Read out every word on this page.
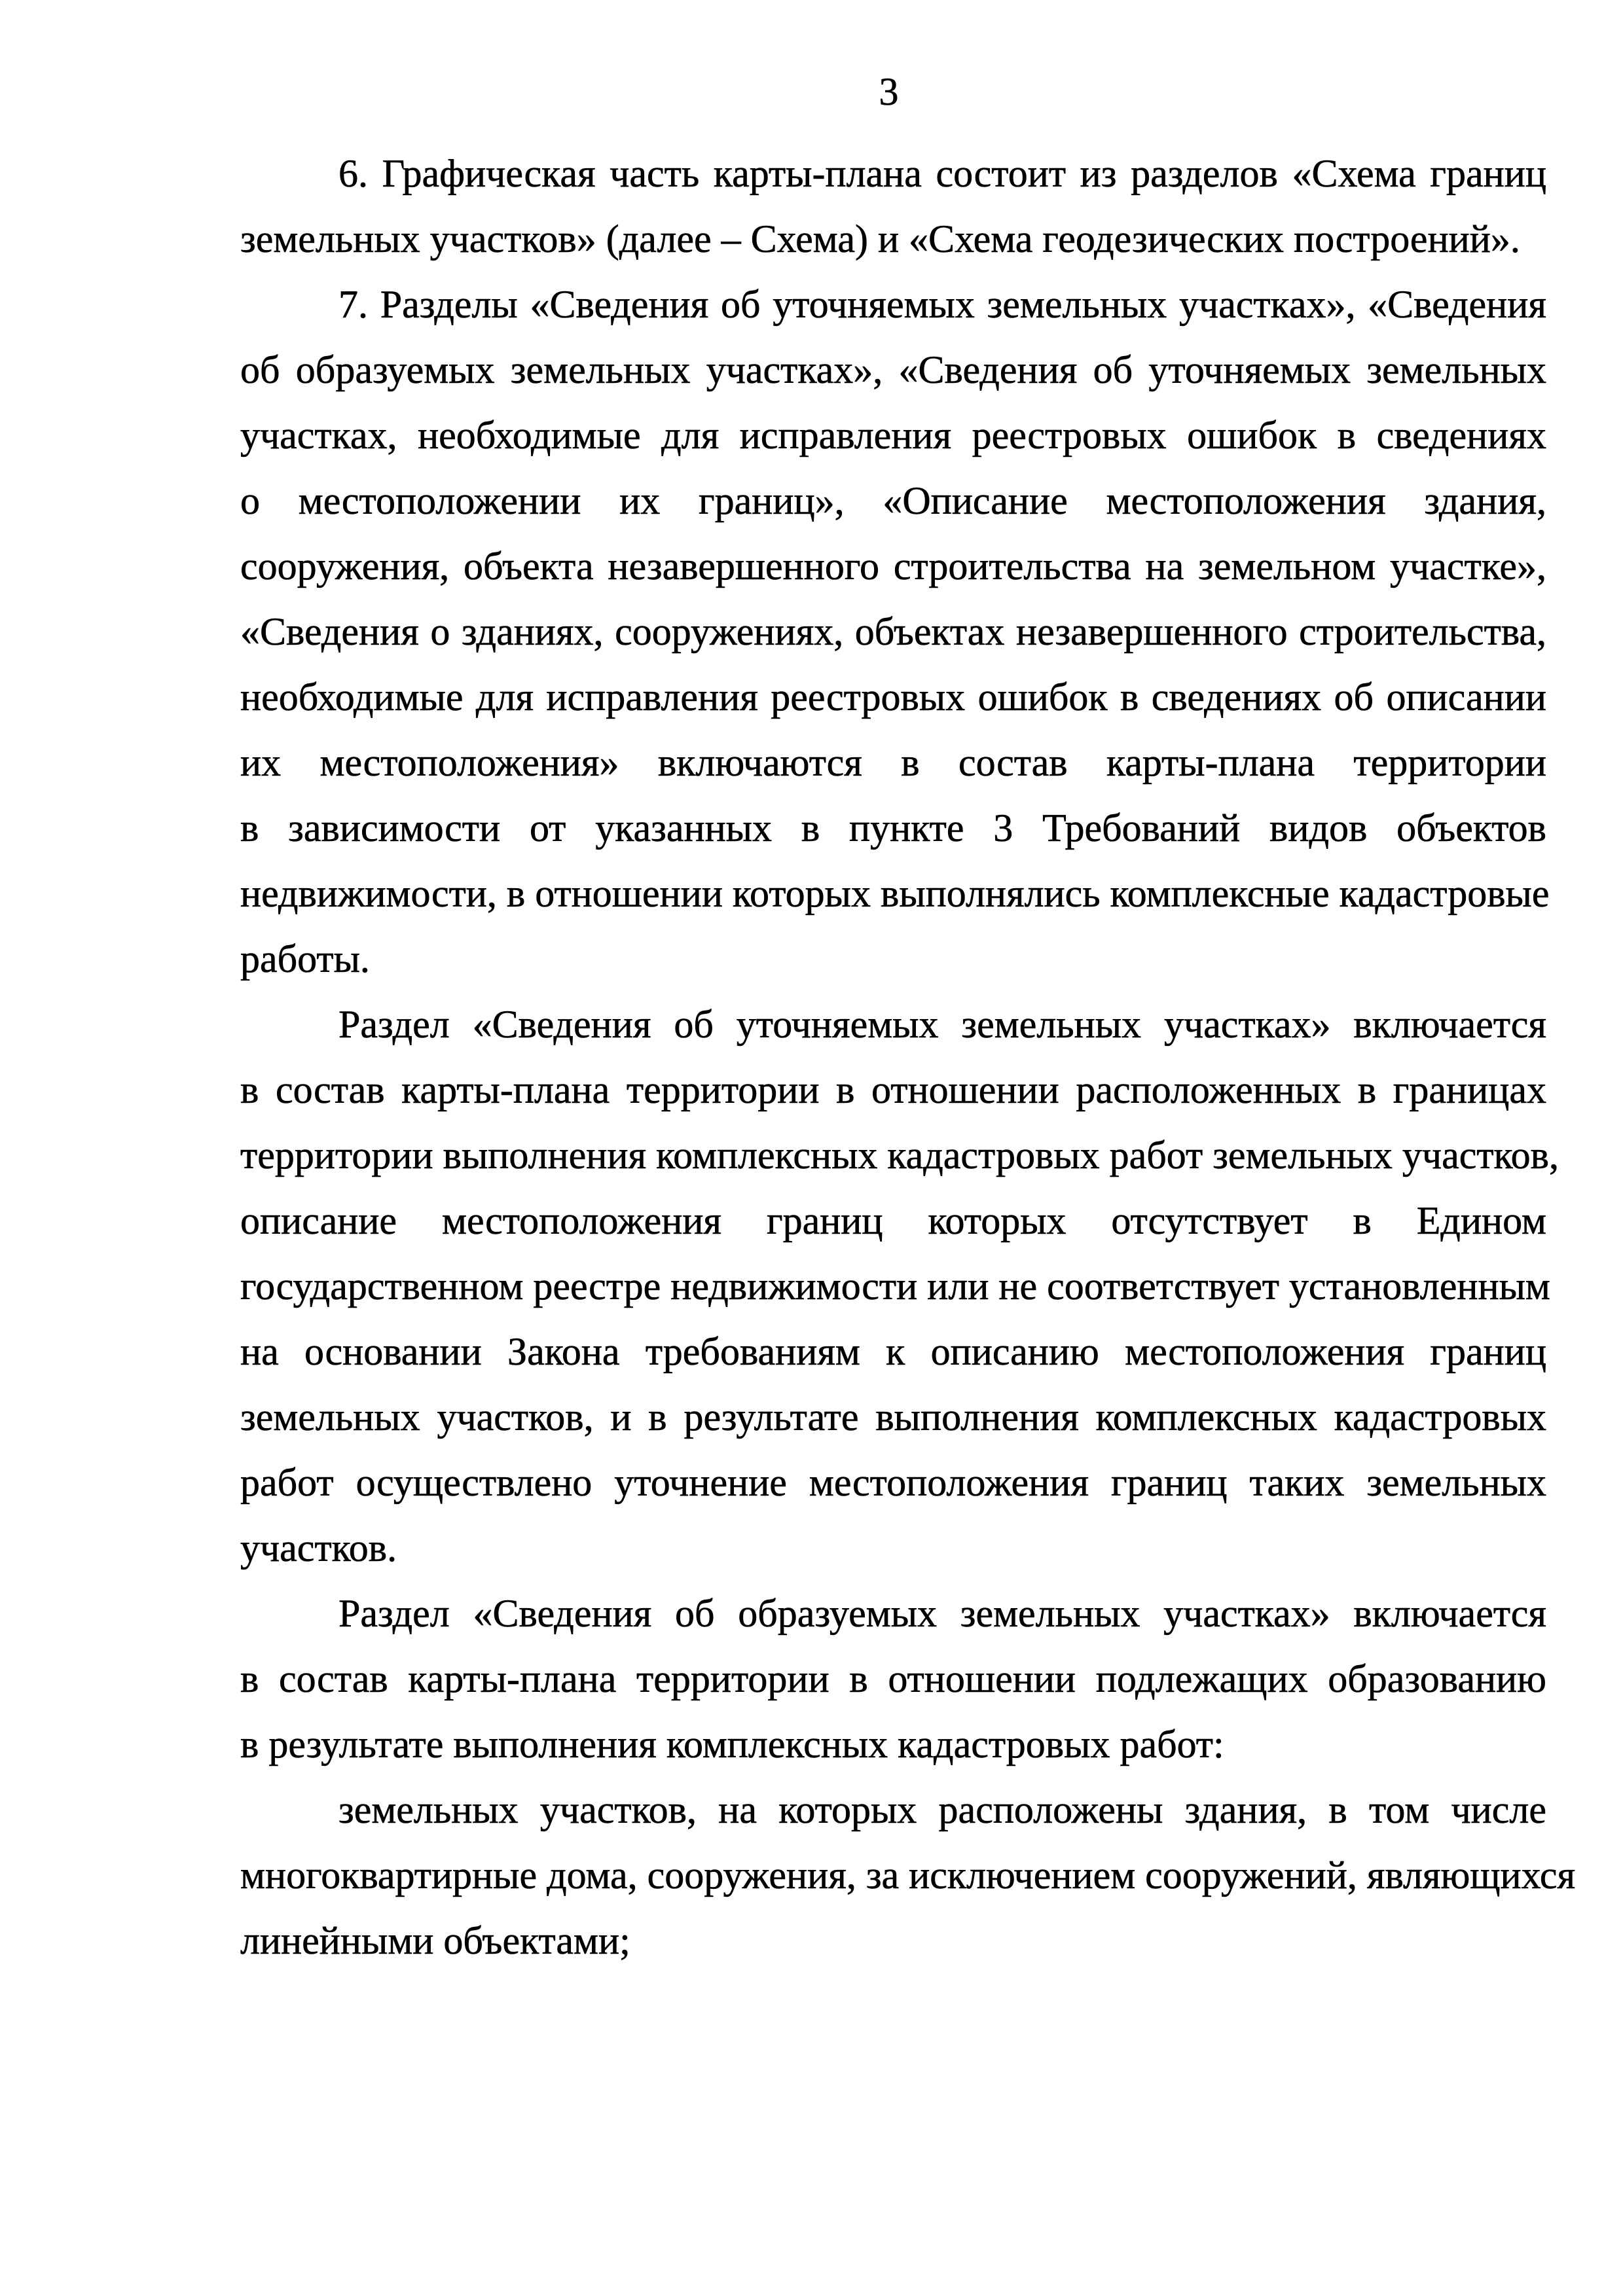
3
6. Графическая часть карты-плана состоит из разделов «Схема границ
земельных участков» (далее – Схема) и «Схема геодезических построений».
7. Разделы «Сведения об уточняемых земельных участках», «Сведения
об образуемых земельных участках», «Сведения об уточняемых земельных
участках, необходимые для исправления реестровых ошибок в сведениях
о местоположении их границ», «Описание местоположения здания,
сооружения, объекта незавершенного строительства на земельном участке»,
«Сведения о зданиях, сооружениях, объектах незавершенного строительства,
необходимые для исправления реестровых ошибок в сведениях об описании
их местоположения» включаются в состав карты-плана территории
в зависимости от указанных в пункте 3 Требований видов объектов
недвижимости, в отношении которых выполнялись комплексные кадастровые
работы.
Раздел «Сведения об уточняемых земельных участках» включается
в состав карты-плана территории в отношении расположенных в границах
территории выполнения комплексных кадастровых работ земельных участков,
описание местоположения границ которых отсутствует в Едином
государственном реестре недвижимости или не соответствует установленным
на основании Закона требованиям к описанию местоположения границ
земельных участков, и в результате выполнения комплексных кадастровых
работ осуществлено уточнение местоположения границ таких земельных
участков.
Раздел «Сведения об образуемых земельных участках» включается
в состав карты-плана территории в отношении подлежащих образованию
в результате выполнения комплексных кадастровых работ:
земельных участков, на которых расположены здания, в том числе
многоквартирные дома, сооружения, за исключением сооружений, являющихся
линейными объектами;
